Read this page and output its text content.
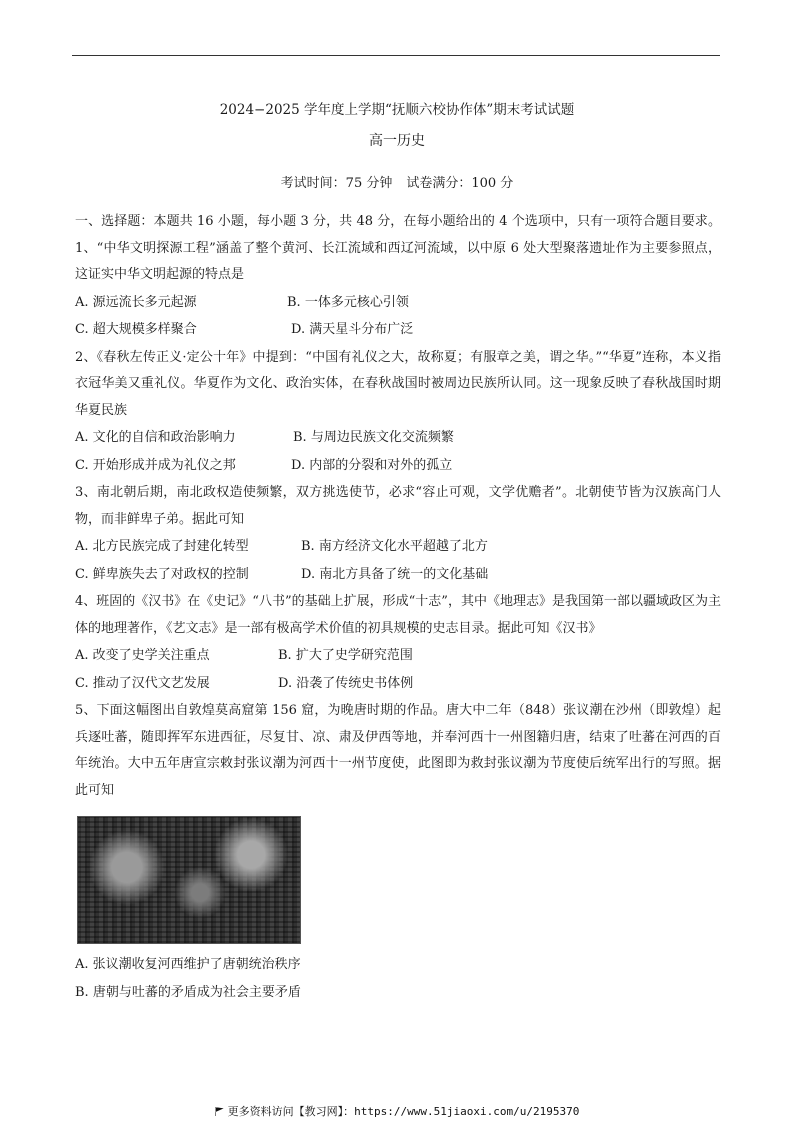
2024−2025 学年度上学期“抚顺六校协作体”期末考试试题
高一历史
考试时间：75 分钟 试卷满分：100 分

一、选择题：本题共 16 小题，每小题 3 分，共 48 分，在每小题给出的 4 个选项中，只有一项符合题目要求。1、“中华文明探源工程”涵盖了整个黄河、长江流域和西辽河流域，以中原 6 处大型聚落遗址作为主要参照点，这证实中华文明起源的特点是

A. 源远流长多元起源	B. 一体多元核心引领
C. 超大规模多样聚合	D. 满天星斗分布广泛

2、《春秋左传正义·定公十年》中提到：“中国有礼仪之大，故称夏；有服章之美，谓之华。”“华夏”连称，本义指衣冠华美又重礼仪。华夏作为文化、政治实体，在春秋战国时被周边民族所认同。这一现象反映了春秋战国时期华夏民族

A. 文化的自信和政治影响力	B. 与周边民族文化交流频繁
C. 开始形成并成为礼仪之邦	D. 内部的分裂和对外的孤立

3、南北朝后期，南北政权造使频繁，双方挑选使节，必求“容止可观，文学优赡者”。北朝使节皆为汉族高门人物，而非鲜卑子弟。据此可知

A. 北方民族完成了封建化转型	B. 南方经济文化水平超越了北方
C. 鲜卑族失去了对政权的控制	D. 南北方具备了统一的文化基础

4、班固的《汉书》在《史记》“八书”的基础上扩展，形成“十志”，其中《地理志》是我国第一部以疆域政区为主体的地理著作，《艺文志》是一部有极高学术价值的初具规模的史志目录。据此可知《汉书》

A. 改变了史学关注重点	B. 扩大了史学研究范围
C. 推动了汉代文艺发展	D. 沿袭了传统史书体例

5、下面这幅图出自敦煌莫高窟第 156 窟，为晚唐时期的作品。唐大中二年（848）张议潮在沙州（即敦煌）起兵逐吐蕃，随即挥军东进西征，尽复甘、凉、肃及伊西等地，并奉河西十一州图籍归唐，结束了吐蕃在河西的百年统治。大中五年唐宣宗敕封张议潮为河西十一州节度使，此图即为救封张议潮为节度使后统军出行的写照。据此可知

A. 张议潮收复河西维护了唐朝统治秩序
B. 唐朝与吐蕃的矛盾成为社会主要矛盾
更多资料访问【教习网】：https://www.51jiaoxi.com/u/2195370
